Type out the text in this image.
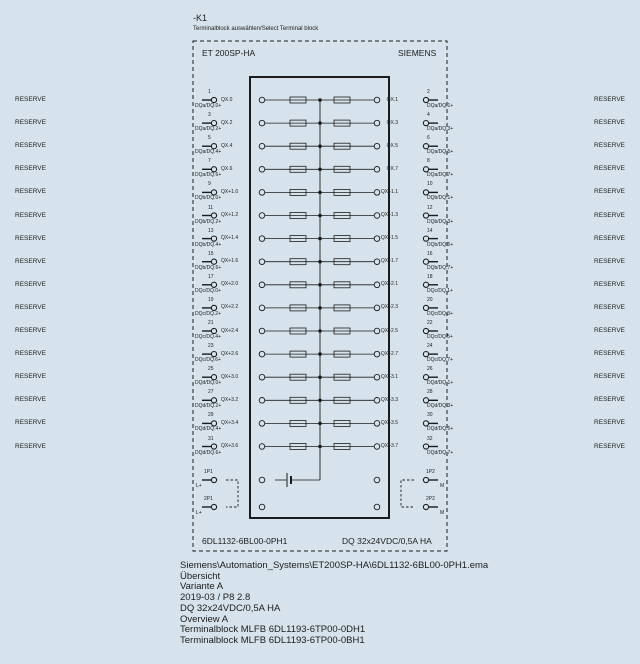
RESERVE	RESERVE
1
DQa/DQ.0+
QX.0
2
DQa/DQ.1+
QX.1
RESERVE	RESERVE
3
DQa/DQ.2+
QX.2
4
DQa/DQ.3+
QX.3
RESERVE	RESERVE
5
DQa/DQ.4+
QX.4
6
DQa/DQ.5+
QX.5
RESERVE	RESERVE
7
DQa/DQ.6+
QX.6
8
DQa/DQ.7+
QX.7
RESERVE	RESERVE
9
DQb/DQ.0+
QX+1.0
10
DQb/DQ.1+
QX+1.1
RESERVE	RESERVE
11
DQb/DQ.2+
QX+1.2
12
DQb/DQ.3+
QX+1.3
RESERVE	RESERVE
13
DQb/DQ.4+
QX+1.4
14
DQb/DQ.5+
QX+1.5
RESERVE	RESERVE
15
DQb/DQ.6+
QX+1.6
16
DQb/DQ.7+
QX+1.7
RESERVE	RESERVE
17
DQc/DQ.0+
QX+2.0
18
DQc/DQ.1+
QX+2.1
RESERVE	RESERVE
19
DQc/DQ.2+
QX+2.2
20
DQc/DQ.3+
QX+2.3
RESERVE	RESERVE
21
DQc/DQ.4+
QX+2.4
22
DQc/DQ.5+
QX+2.5
RESERVE	RESERVE
23
DQc/DQ.6+
QX+2.6
24
DQc/DQ.7+
QX+2.7
RESERVE	RESERVE
25
DQd/DQ.0+
QX+3.0
26
DQd/DQ.1+
QX+3.1
RESERVE	RESERVE
27
DQd/DQ.2+
QX+3.2
28
DQd/DQ.3+
QX+3.3
RESERVE	RESERVE
29
DQd/DQ.4+
QX+3.4
30
DQd/DQ.5+
QX+3.5
RESERVE	RESERVE
31
DQd/DQ.6+
QX+3.6
32
DQd/DQ.7+
QX+3.7
1P1
L+
1P2
M
2P1
L+
2P2
M
-K1
Terminalblock auswählen/Select Terminal block
ET 200SP-HA	SIEMENS
6DL1132-6BL00-0PH1	DQ 32x24VDC/0,5A HA
Siemens\Automation_Systems\ET200SP-HA\6DL1132-6BL00-0PH1.ema
Übersicht
Variante A
2019-03 / P8 2.8
DQ 32x24VDC/0,5A HA
Overview A
Terminalblock MLFB 6DL1193-6TP00-0DH1
Terminalblock MLFB 6DL1193-6TP00-0BH1
